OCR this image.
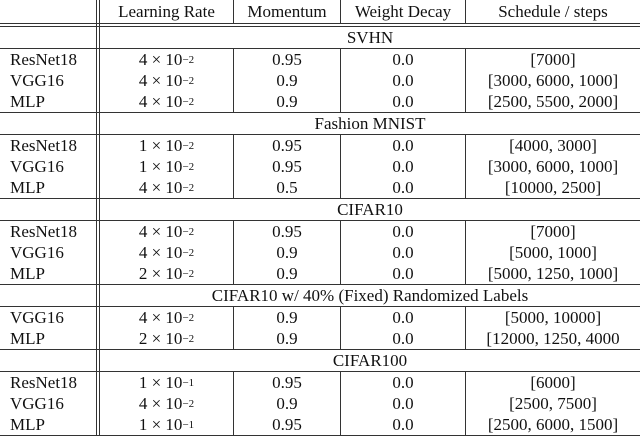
Learning Rate	Momentum	Weight Decay	Schedule / steps
SVHN
ResNet18	4 × 10 −2	0.95	0.0	[7000]
VGG16	4 × 10 −2	0.9	0.0	[3000, 6000, 1000]
MLP	4 × 10 −2	0.9	0.0	[2500, 5500, 2000]
Fashion MNIST
ResNet18	1 × 10 −2	0.95	0.0	[4000, 3000]
VGG16	1 × 10 −2	0.95	0.0	[3000, 6000, 1000]
MLP	4 × 10 −2	0.5	0.0	[10000, 2500]
CIFAR10
ResNet18	4 × 10 −2	0.95	0.0	[7000]
VGG16	4 × 10 −2	0.9	0.0	[5000, 1000]
MLP	2 × 10 −2	0.9	0.0	[5000, 1250, 1000]
CIFAR10 w/ 40% (Fixed) Randomized Labels
VGG16	4 × 10 −2	0.9	0.0	[5000, 10000]
MLP	2 × 10 −2	0.9	0.0	[12000, 1250, 4000
CIFAR100
ResNet18	1 × 10 −1	0.95	0.0	[6000]
VGG16	4 × 10 −2	0.9	0.0	[2500, 7500]
MLP	1 × 10 −1	0.95	0.0	[2500, 6000, 1500]
